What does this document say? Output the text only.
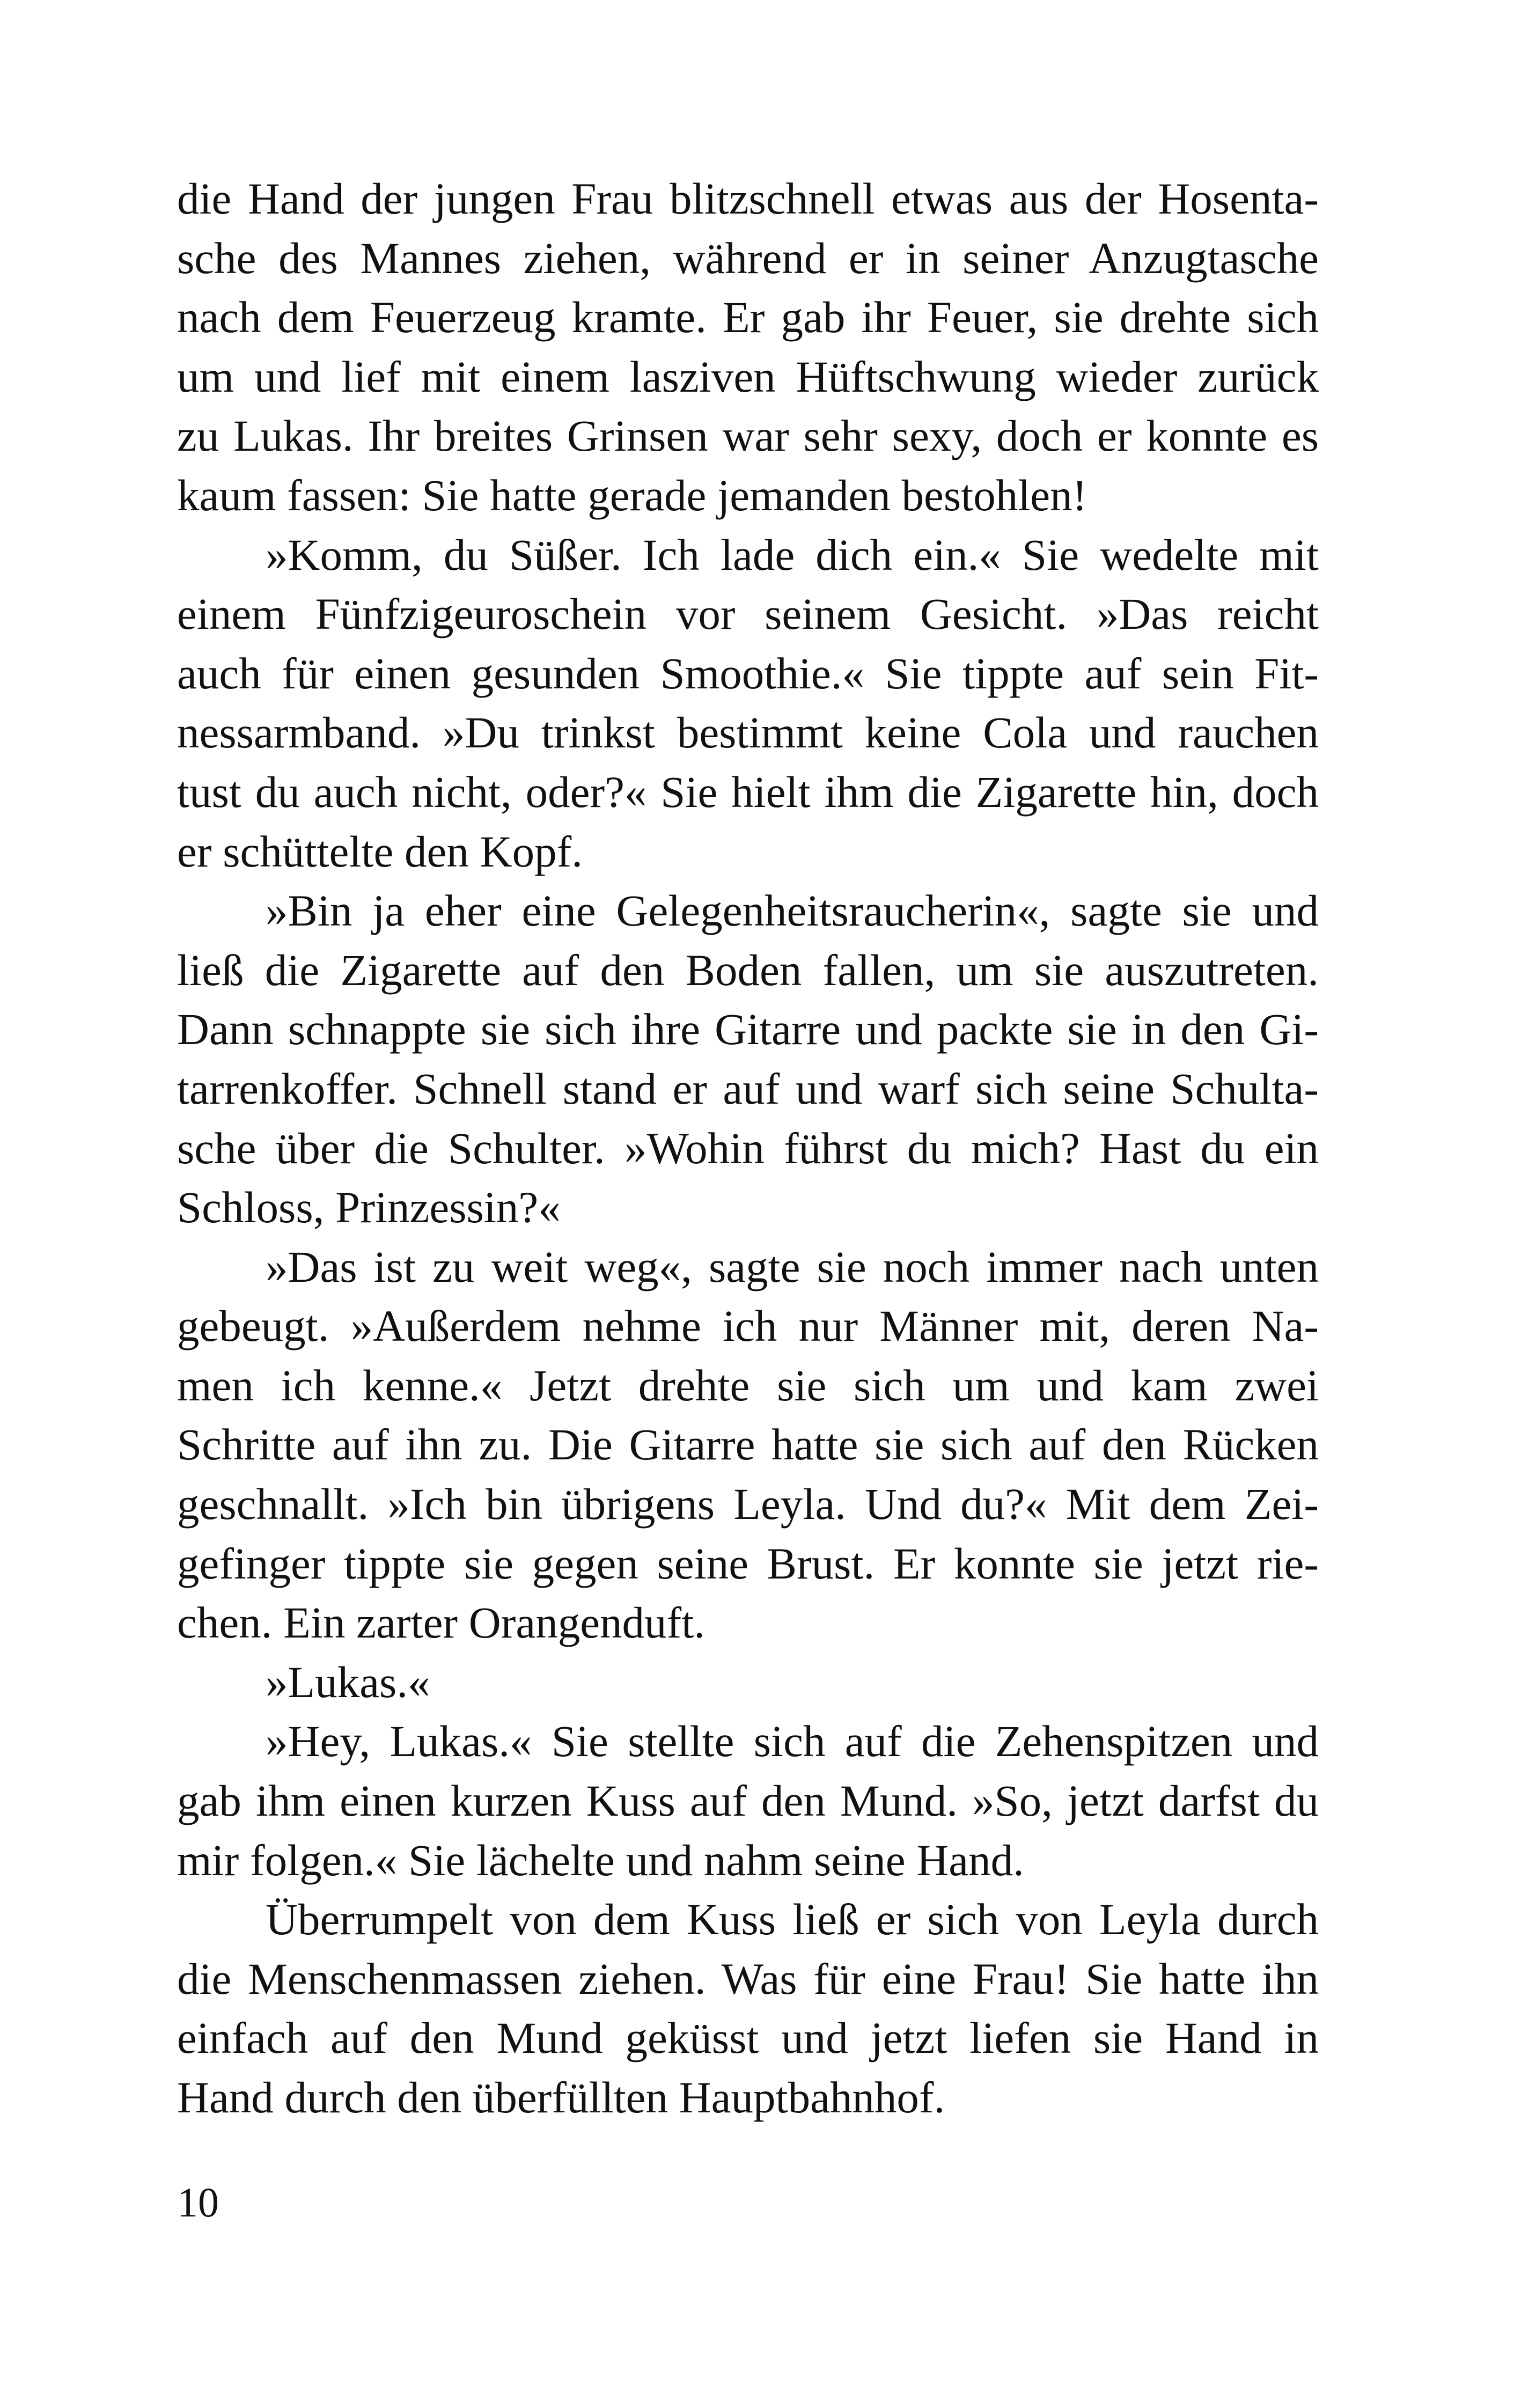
die Hand der jungen Frau blitzschnell etwas aus der Hosenta-
sche des Mannes ziehen, während er in seiner Anzugtasche
nach dem Feuerzeug kramte. Er gab ihr Feuer, sie drehte sich
um und lief mit einem lasziven Hüftschwung wieder zurück
zu Lukas. Ihr breites Grinsen war sehr sexy, doch er konnte es
kaum fassen: Sie hatte gerade jemanden bestohlen!
»Komm, du Süßer. Ich lade dich ein.« Sie wedelte mit
einem Fünfzigeuroschein vor seinem Gesicht. »Das reicht
auch für einen gesunden Smoothie.« Sie tippte auf sein Fit-
nessarmband. »Du trinkst bestimmt keine Cola und rauchen
tust du auch nicht, oder?« Sie hielt ihm die Zigarette hin, doch
er schüttelte den Kopf.
»Bin ja eher eine Gelegenheitsraucherin«, sagte sie und
ließ die Zigarette auf den Boden fallen, um sie auszutreten.
Dann schnappte sie sich ihre Gitarre und packte sie in den Gi-
tarrenkoffer. Schnell stand er auf und warf sich seine Schulta-
sche über die Schulter. »Wohin führst du mich? Hast du ein
Schloss, Prinzessin?«
»Das ist zu weit weg«, sagte sie noch immer nach unten
gebeugt. »Außerdem nehme ich nur Männer mit, deren Na-
men ich kenne.« Jetzt drehte sie sich um und kam zwei
Schritte auf ihn zu. Die Gitarre hatte sie sich auf den Rücken
geschnallt. »Ich bin übrigens Leyla. Und du?« Mit dem Zei-
gefinger tippte sie gegen seine Brust. Er konnte sie jetzt rie-
chen. Ein zarter Orangenduft.
»Lukas.«
»Hey, Lukas.« Sie stellte sich auf die Zehenspitzen und
gab ihm einen kurzen Kuss auf den Mund. »So, jetzt darfst du
mir folgen.« Sie lächelte und nahm seine Hand.
Überrumpelt von dem Kuss ließ er sich von Leyla durch
die Menschenmassen ziehen. Was für eine Frau! Sie hatte ihn
einfach auf den Mund geküsst und jetzt liefen sie Hand in
Hand durch den überfüllten Hauptbahnhof.
10
